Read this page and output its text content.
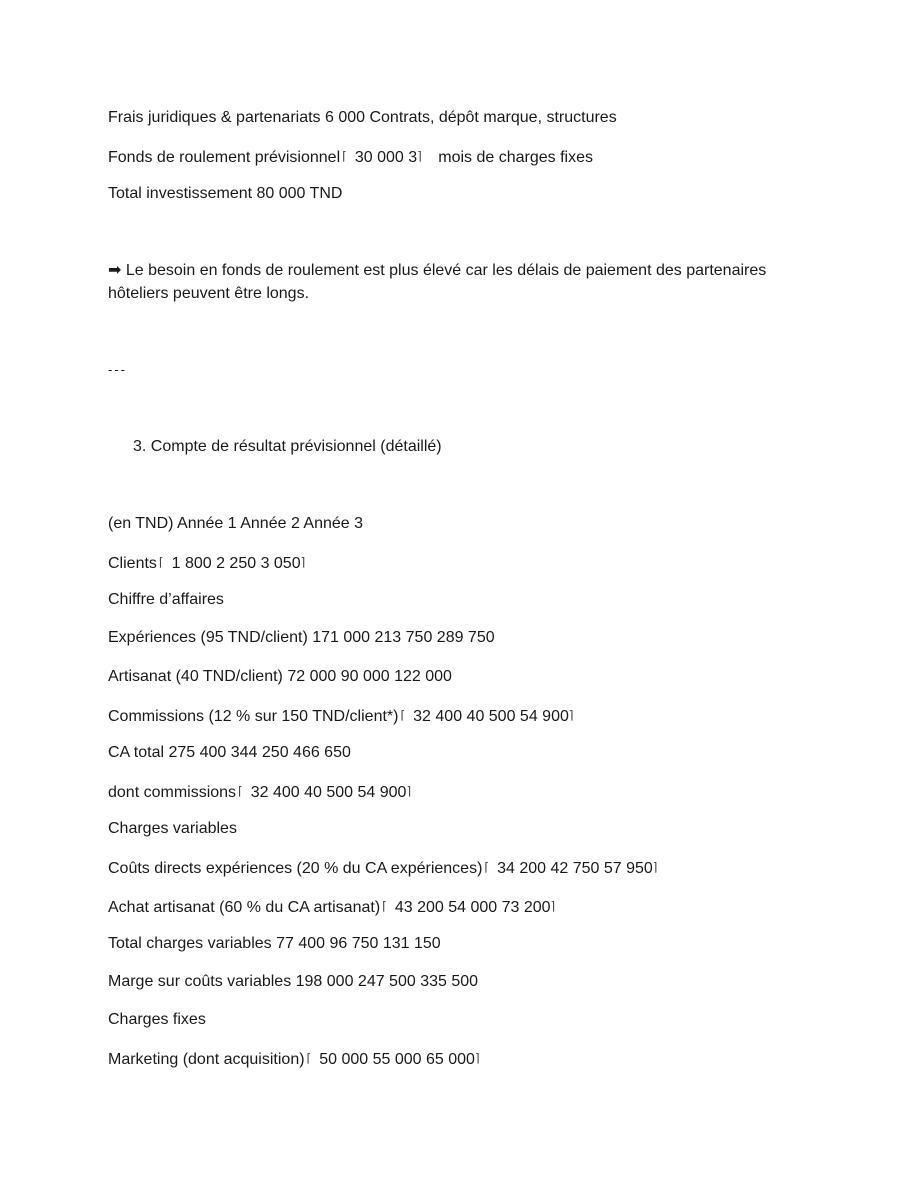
Frais juridiques & partenariats 6 000 Contrats, dépôt marque, structures
Fonds de roulement prévisionnel ⌈ 30 000 3⌉ mois de charges fixes
Total investissement 80 000 TND
➡ Le besoin en fonds de roulement est plus élevé car les délais de paiement des partenaires hôteliers peuvent être longs.
---
3. Compte de résultat prévisionnel (détaillé)
(en TND) Année 1 Année 2 Année 3
Clients ⌈ 1 800 2 250 3 050⌉
Chiffre d’affaires
Expériences (95 TND/client) 171 000 213 750 289 750
Artisanat (40 TND/client) 72 000 90 000 122 000
Commissions (12 % sur 150 TND/client*) ⌈ 32 400 40 500 54 900⌉
CA total 275 400 344 250 466 650
dont commissions ⌈ 32 400 40 500 54 900⌉
Charges variables
Coûts directs expériences (20 % du CA expériences) ⌈ 34 200 42 750 57 950⌉
Achat artisanat (60 % du CA artisanat) ⌈ 43 200 54 000 73 200⌉
Total charges variables 77 400 96 750 131 150
Marge sur coûts variables 198 000 247 500 335 500
Charges fixes
Marketing (dont acquisition) ⌈ 50 000 55 000 65 000⌉
